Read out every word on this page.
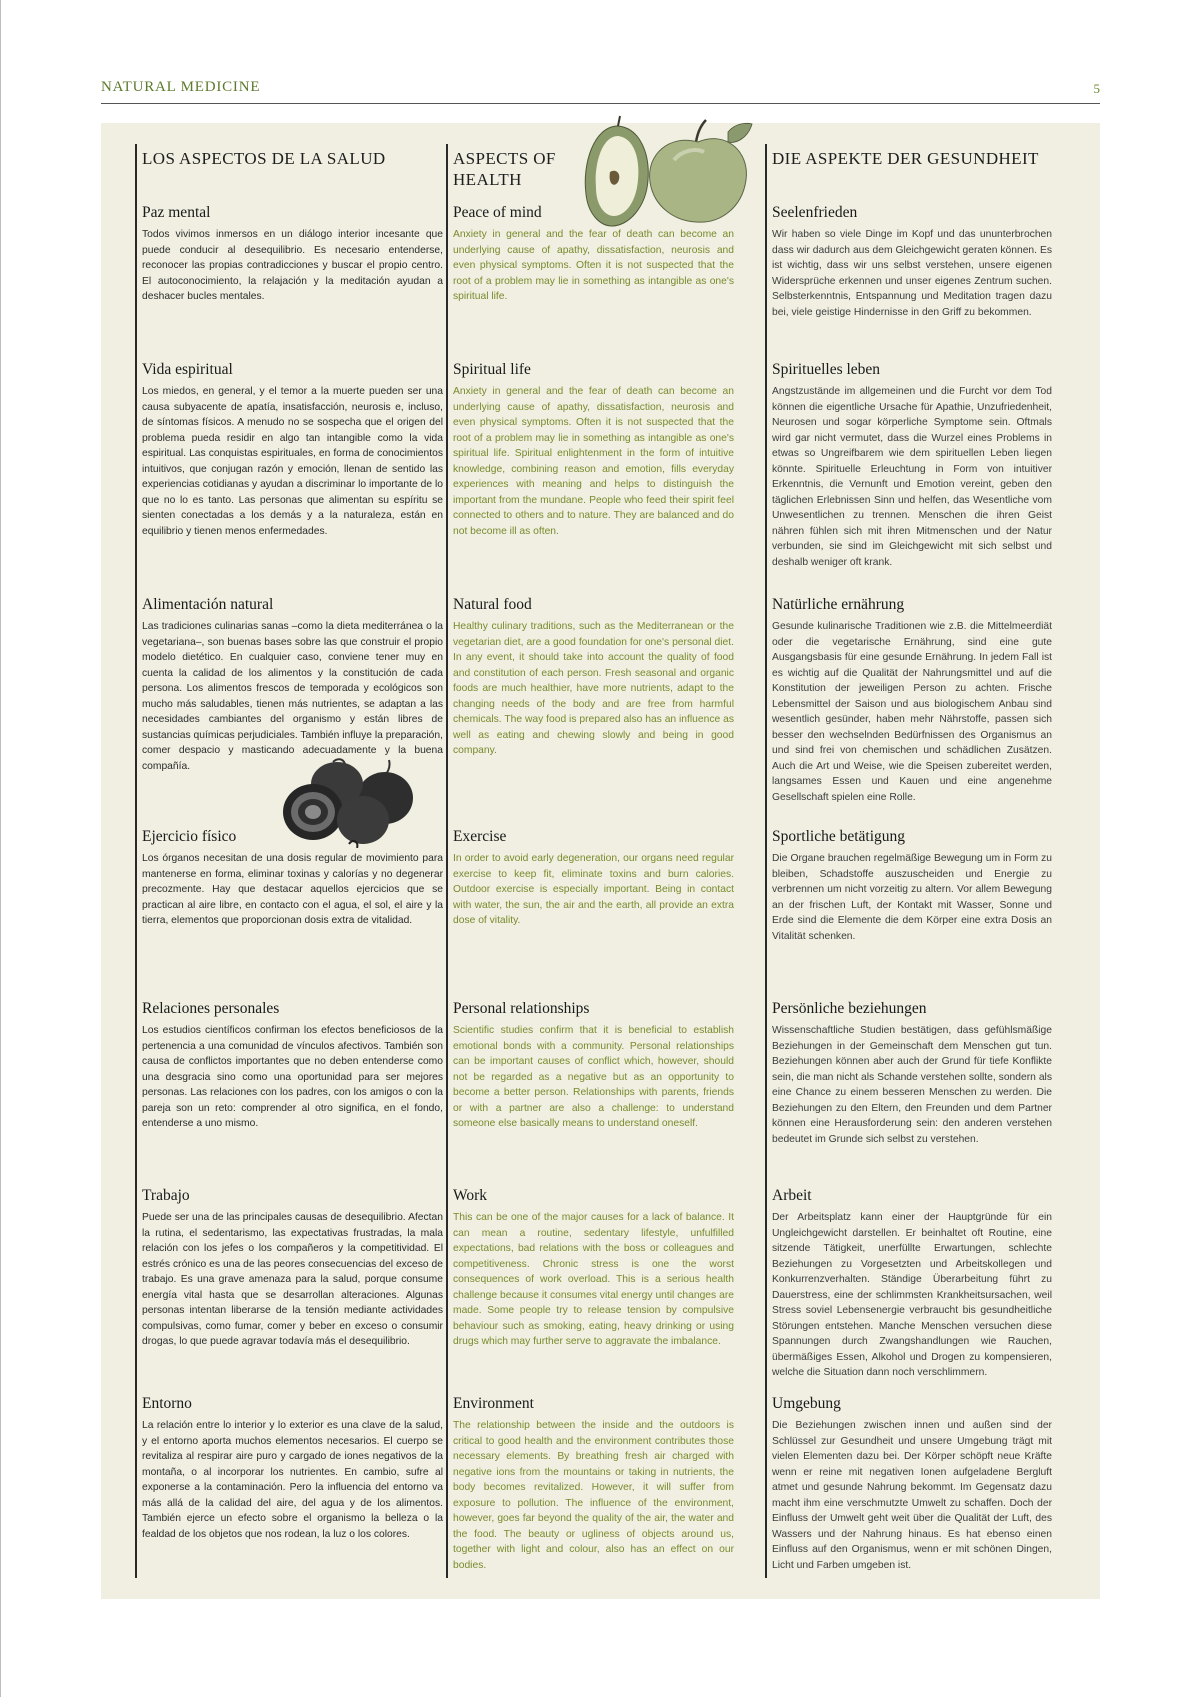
NATURAL MEDICINE	5
LOS ASPECTOS DE LA SALUD
Paz mental

Todos vivimos inmersos en un diálogo interior incesante que puede conducir al desequilibrio. Es necesario entenderse, reconocer las propias contradicciones y buscar el propio centro. El autoconocimiento, la relajación y la meditación ayudan a deshacer bucles mentales.

Vida espiritual

Los miedos, en general, y el temor a la muerte pueden ser una causa subyacente de apatía, insatisfacción, neurosis e, incluso, de síntomas físicos. A menudo no se sospecha que el origen del problema pueda residir en algo tan intangible como la vida espiritual. Las conquistas espirituales, en forma de conocimientos intuitivos, que conjugan razón y emoción, llenan de sentido las experiencias cotidianas y ayudan a discriminar lo importante de lo que no lo es tanto. Las personas que alimentan su espíritu se sienten conectadas a los demás y a la naturaleza, están en equilibrio y tienen menos enfermedades.

Alimentación natural

Las tradiciones culinarias sanas –como la dieta mediterránea o la vegetariana–, son buenas bases sobre las que construir el propio modelo dietético. En cualquier caso, conviene tener muy en cuenta la calidad de los alimentos y la constitución de cada persona. Los alimentos frescos de temporada y ecológicos son mucho más saludables, tienen más nutrientes, se adaptan a las necesidades cambiantes del organismo y están libres de sustancias químicas perjudiciales. También influye la preparación, comer despacio y masticando adecuadamente y la buena compañía.

Ejercicio físico

Los órganos necesitan de una dosis regular de movimiento para mantenerse en forma, eliminar toxinas y calorías y no degenerar precozmente. Hay que destacar aquellos ejercicios que se practican al aire libre, en contacto con el agua, el sol, el aire y la tierra, elementos que proporcionan dosis extra de vitalidad.

Relaciones personales

Los estudios científicos confirman los efectos beneficiosos de la pertenencia a una comunidad de vínculos afectivos. También son causa de conflictos importantes que no deben entenderse como una desgracia sino como una oportunidad para ser mejores personas. Las relaciones con los padres, con los amigos o con la pareja son un reto: comprender al otro significa, en el fondo, entenderse a uno mismo.

Trabajo

Puede ser una de las principales causas de desequilibrio. Afectan la rutina, el sedentarismo, las expectativas frustradas, la mala relación con los jefes o los compañeros y la competitividad. El estrés crónico es una de las peores consecuencias del exceso de trabajo. Es una grave amenaza para la salud, porque consume energía vital hasta que se desarrollan alteraciones. Algunas personas intentan liberarse de la tensión mediante actividades compulsivas, como fumar, comer y beber en exceso o consumir drogas, lo que puede agravar todavía más el desequilibrio.

Entorno

La relación entre lo interior y lo exterior es una clave de la salud, y el entorno aporta muchos elementos necesarios. El cuerpo se revitaliza al respirar aire puro y cargado de iones negativos de la montaña, o al incorporar los nutrientes. En cambio, sufre al exponerse a la contaminación. Pero la influencia del entorno va más allá de la calidad del aire, del agua y de los alimentos. También ejerce un efecto sobre el organismo la belleza o la fealdad de los objetos que nos rodean, la luz o los colores.

ASPECTS OF HEALTH
Peace of mind

Anxiety in general and the fear of death can become an underlying cause of apathy, dissatisfaction, neurosis and even physical symptoms. Often it is not suspected that the root of a problem may lie in something as intangible as one's spiritual life.

Spiritual life

Anxiety in general and the fear of death can become an underlying cause of apathy, dissatisfaction, neurosis and even physical symptoms. Often it is not suspected that the root of a problem may lie in something as intangible as one's spiritual life. Spiritual enlightenment in the form of intuitive knowledge, combining reason and emotion, fills everyday experiences with meaning and helps to distinguish the important from the mundane. People who feed their spirit feel connected to others and to nature. They are balanced and do not become ill as often.

Natural food

Healthy culinary traditions, such as the Mediterranean or the vegetarian diet, are a good foundation for one's personal diet. In any event, it should take into account the quality of food and constitution of each person. Fresh seasonal and organic foods are much healthier, have more nutrients, adapt to the changing needs of the body and are free from harmful chemicals. The way food is prepared also has an influence as well as eating and chewing slowly and being in good company.

Exercise

In order to avoid early degeneration, our organs need regular exercise to keep fit, eliminate toxins and burn calories. Outdoor exercise is especially important. Being in contact with water, the sun, the air and the earth, all provide an extra dose of vitality.

Personal relationships

Scientific studies confirm that it is beneficial to establish emotional bonds with a community. Personal relationships can be important causes of conflict which, however, should not be regarded as a negative but as an opportunity to become a better person. Relationships with parents, friends or with a partner are also a challenge: to understand someone else basically means to understand oneself.

Work

This can be one of the major causes for a lack of balance. It can mean a routine, sedentary lifestyle, unfulfilled expectations, bad relations with the boss or colleagues and competitiveness. Chronic stress is one the worst consequences of work overload. This is a serious health challenge because it consumes vital energy until changes are made. Some people try to release tension by compulsive behaviour such as smoking, eating, heavy drinking or using drugs which may further serve to aggravate the imbalance.

Environment

The relationship between the inside and the outdoors is critical to good health and the environment contributes those necessary elements. By breathing fresh air charged with negative ions from the mountains or taking in nutrients, the body becomes revitalized. However, it will suffer from exposure to pollution. The influence of the environment, however, goes far beyond the quality of the air, the water and the food. The beauty or ugliness of objects around us, together with light and colour, also has an effect on our bodies.

DIE ASPEKTE DER GESUNDHEIT
Seelenfrieden

Wir haben so viele Dinge im Kopf und das ununterbrochen dass wir dadurch aus dem Gleichgewicht geraten können. Es ist wichtig, dass wir uns selbst verstehen, unsere eigenen Widersprüche erkennen und unser eigenes Zentrum suchen. Selbsterkenntnis, Entspannung und Meditation tragen dazu bei, viele geistige Hindernisse in den Griff zu bekommen.

Spirituelles leben

Angstzustände im allgemeinen und die Furcht vor dem Tod können die eigentliche Ursache für Apathie, Unzufriedenheit, Neurosen und sogar körperliche Symptome sein. Oftmals wird gar nicht vermutet, dass die Wurzel eines Problems in etwas so Ungreifbarem wie dem spirituellen Leben liegen könnte. Spirituelle Erleuchtung in Form von intuitiver Erkenntnis, die Vernunft und Emotion vereint, geben den täglichen Erlebnissen Sinn und helfen, das Wesentliche vom Unwesentlichen zu trennen. Menschen die ihren Geist nähren fühlen sich mit ihren Mitmenschen und der Natur verbunden, sie sind im Gleichgewicht mit sich selbst und deshalb weniger oft krank.

Natürliche ernährung

Gesunde kulinarische Traditionen wie z.B. die Mittelmeerdiät oder die vegetarische Ernährung, sind eine gute Ausgangsbasis für eine gesunde Ernährung. In jedem Fall ist es wichtig auf die Qualität der Nahrungsmittel und auf die Konstitution der jeweiligen Person zu achten. Frische Lebensmittel der Saison und aus biologischem Anbau sind wesentlich gesünder, haben mehr Nährstoffe, passen sich besser den wechselnden Bedürfnissen des Organismus an und sind frei von chemischen und schädlichen Zusätzen. Auch die Art und Weise, wie die Speisen zubereitet werden, langsames Essen und Kauen und eine angenehme Gesellschaft spielen eine Rolle.

Sportliche betätigung

Die Organe brauchen regelmäßige Bewegung um in Form zu bleiben, Schadstoffe auszuscheiden und Energie zu verbrennen um nicht vorzeitig zu altern. Vor allem Bewegung an der frischen Luft, der Kontakt mit Wasser, Sonne und Erde sind die Elemente die dem Körper eine extra Dosis an Vitalität schenken.

Persönliche beziehungen

Wissenschaftliche Studien bestätigen, dass gefühlsmäßige Beziehungen in der Gemeinschaft dem Menschen gut tun. Beziehungen können aber auch der Grund für tiefe Konflikte sein, die man nicht als Schande verstehen sollte, sondern als eine Chance zu einem besseren Menschen zu werden. Die Beziehungen zu den Eltern, den Freunden und dem Partner können eine Herausforderung sein: den anderen verstehen bedeutet im Grunde sich selbst zu verstehen.

Arbeit

Der Arbeitsplatz kann einer der Hauptgründe für ein Ungleichgewicht darstellen. Er beinhaltet oft Routine, eine sitzende Tätigkeit, unerfüllte Erwartungen, schlechte Beziehungen zu Vorgesetzten und Arbeitskollegen und Konkurrenzverhalten. Ständige Überarbeitung führt zu Dauerstress, eine der schlimmsten Krankheitsursachen, weil Stress soviel Lebensenergie verbraucht bis gesundheitliche Störungen entstehen. Manche Menschen versuchen diese Spannungen durch Zwangshandlungen wie Rauchen, übermäßiges Essen, Alkohol und Drogen zu kompensieren, welche die Situation dann noch verschlimmern.

Umgebung

Die Beziehungen zwischen innen und außen sind der Schlüssel zur Gesundheit und unsere Umgebung trägt mit vielen Elementen dazu bei. Der Körper schöpft neue Kräfte wenn er reine mit negativen Ionen aufgeladene Bergluft atmet und gesunde Nahrung bekommt. Im Gegensatz dazu macht ihm eine verschmutzte Umwelt zu schaffen. Doch der Einfluss der Umwelt geht weit über die Qualität der Luft, des Wassers und der Nahrung hinaus. Es hat ebenso einen Einfluss auf den Organismus, wenn er mit schönen Dingen, Licht und Farben umgeben ist.
